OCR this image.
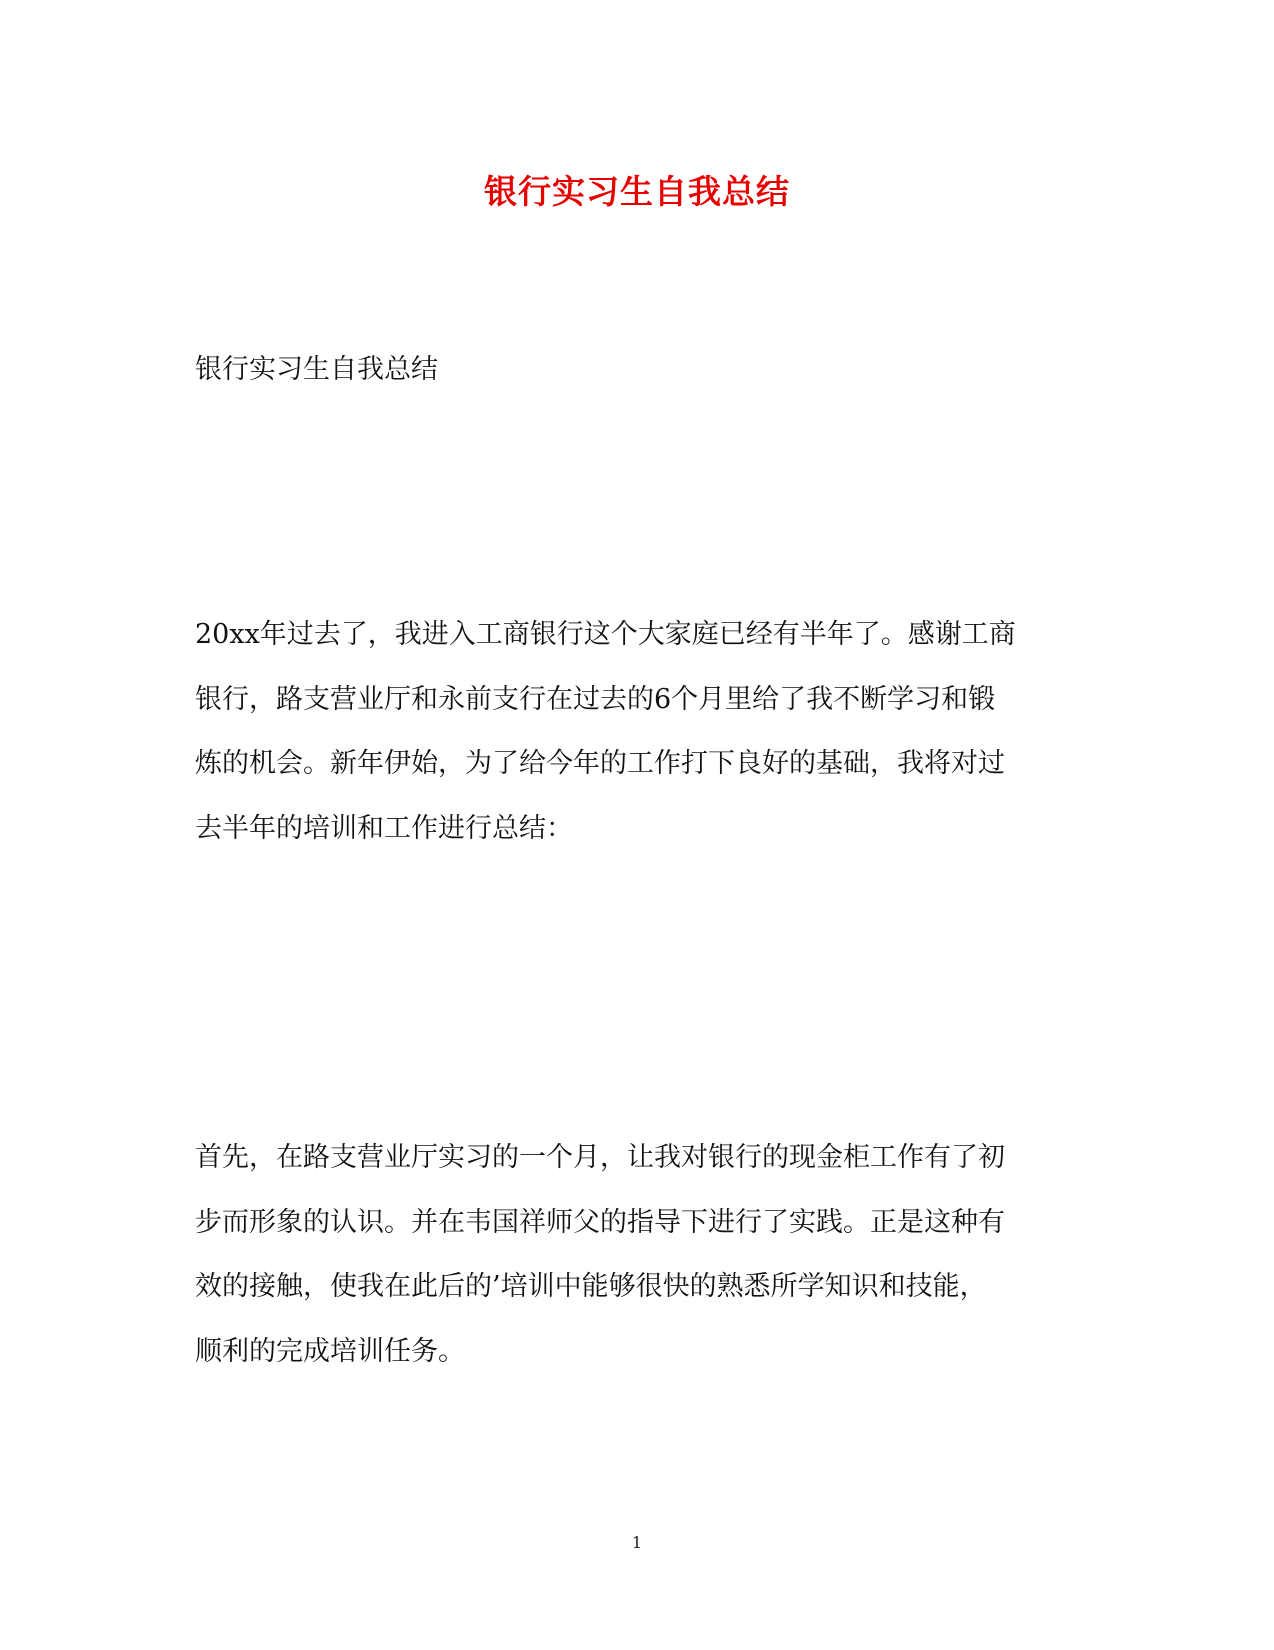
银行实习生自我总结
银行实习生自我总结

20xx年过去了，我进入工商银行这个大家庭已经有半年了。感谢工商
银行，路支营业厅和永前支行在过去的6个月里给了我不断学习和锻
炼的机会。新年伊始，为了给今年的工作打下良好的基础，我将对过
去半年的培训和工作进行总结：

首先，在路支营业厅实习的一个月，让我对银行的现金柜工作有了初
步而形象的认识。并在韦国祥师父的指导下进行了实践。正是这种有
效的接触，使我在此后的’培训中能够很快的熟悉所学知识和技能，
顺利的完成培训任务。

1
